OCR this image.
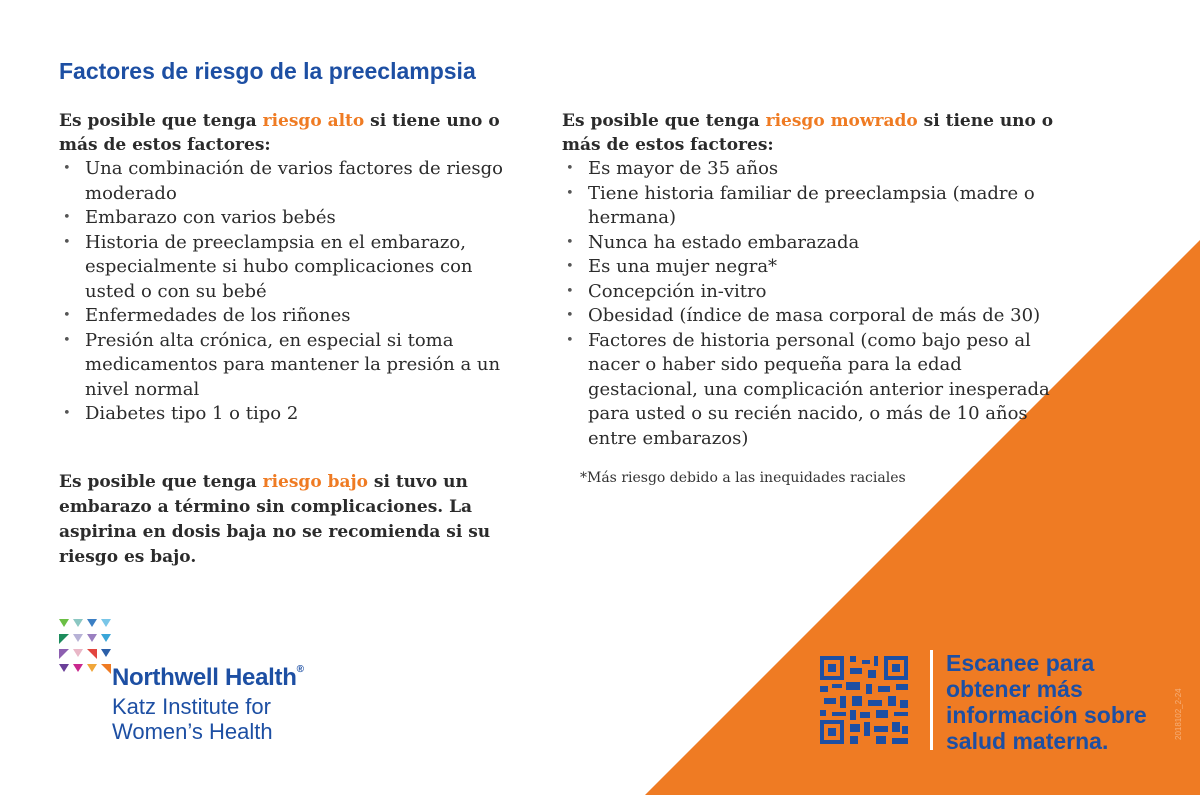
Factores de riesgo de la preeclampsia

Es posible que tenga riesgo alto si tiene uno o más de estos factores:

• Una combinación de varios factores de riesgo moderado
• Embarazo con varios bebés
• Historia de preeclampsia en el embarazo, especialmente si hubo complicaciones con usted o con su bebé
• Enfermedades de los riñones
• Presión alta crónica, en especial si toma medicamentos para mantener la presión a un nivel normal
• Diabetes tipo 1 o tipo 2

Es posible que tenga riesgo mowrado si tiene uno o más de estos factores:

• Es mayor de 35 años
• Tiene historia familiar de preeclampsia (madre o hermana)
• Nunca ha estado embarazada
• Es una mujer negra*
• Concepción in-vitro
• Obesidad (índice de masa corporal de más de 30)
• Factores de historia personal (como bajo peso al nacer o haber sido pequeña para la edad gestacional, una complicación anterior inesperada para usted o su recién nacido, o más de 10 años entre embarazos)

*Más riesgo debido a las inequidades raciales

Es posible que tenga riesgo bajo si tuvo un embarazo a término sin complicaciones. La aspirina en dosis baja no se recomienda si su riesgo es bajo.

Northwell Health®

Katz Institute for
Women’s Health

Escanee para
obtener más
información sobre
salud materna.

2018102_2-24
